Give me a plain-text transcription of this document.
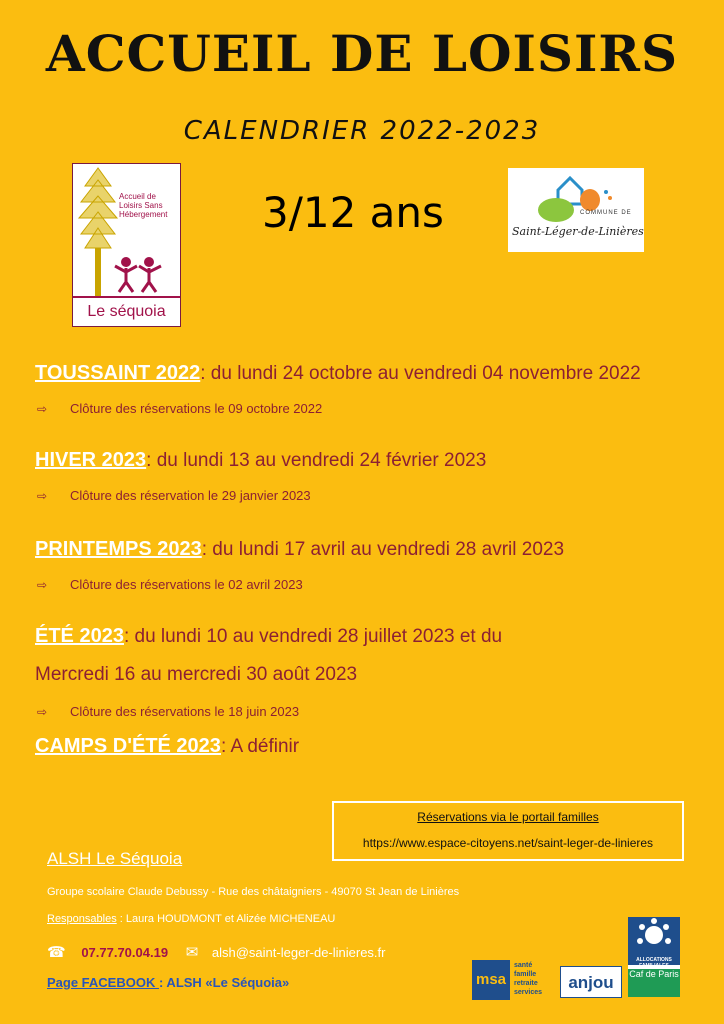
ACCUEIL DE LOISIRS
CALENDRIER 2022-2023
Accueil de Loisirs Sans Hébergement
Le séquoia
3/12 ans	COMMUNE DE
Saint-Léger-de-Linières
TOUSSAINT 2022: du lundi 24 octobre au vendredi 04 novembre 2022
⇨ Clôture des réservations le 09 octobre 2022
HIVER 2023: du lundi 13 au vendredi 24 février 2023
⇨ Clôture des réservation le 29 janvier 2023
PRINTEMPS 2023: du lundi 17 avril au vendredi 28 avril 2023
⇨ Clôture des réservations le 02 avril 2023
ÉTÉ 2023: du lundi 10 au vendredi 28 juillet 2023 et du
Mercredi 16 au mercredi 30 août 2023
⇨ Clôture des réservations le 18 juin 2023
CAMPS D'ÉTÉ 2023: A définir
Réservations via le portail familles
https://www.espace-citoyens.net/saint-leger-de-linieres
ALSH Le Séquoia
Groupe scolaire Claude Debussy - Rue des châtaigniers - 49070 St Jean de Linières
Responsables : Laura HOUDMONT et Alizée MICHENEAU
☎ 07.77.70.04.19 ✉ alsh@saint-leger-de-linieres.fr
Page FACEBOOK : ALSH «Le Séquoia»	msa
santé
famille
retraite
services
anjou
ALLOCATIONS FAMILIALES
Caf de Paris
